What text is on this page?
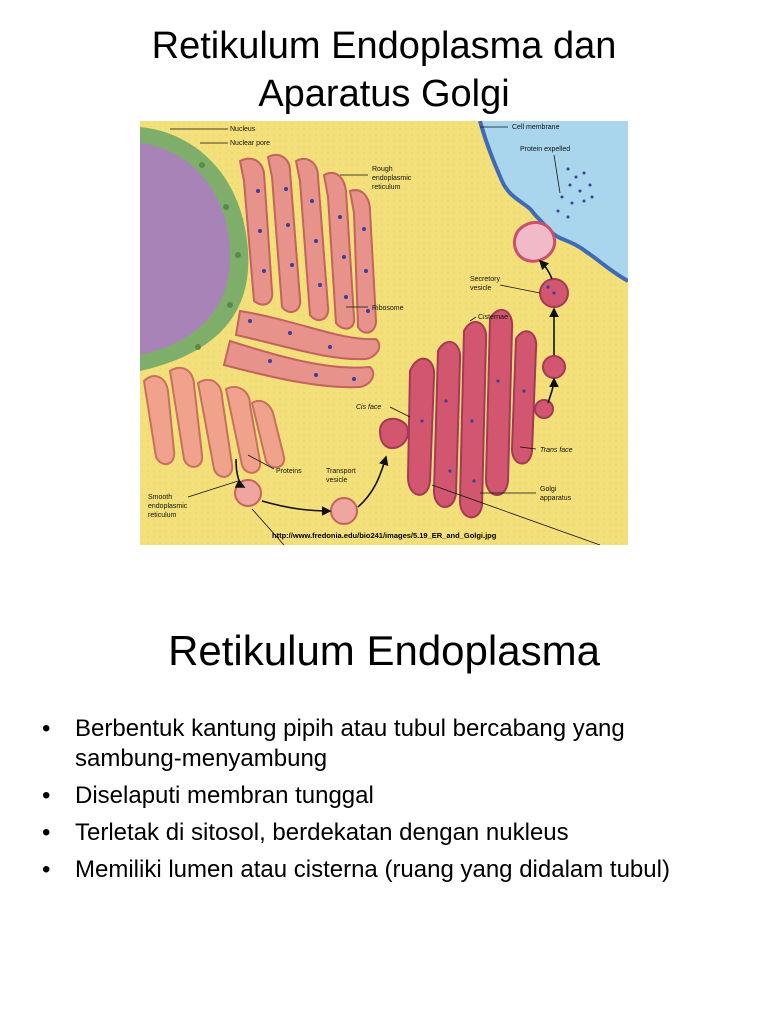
Retikulum Endoplasma dan
Aparatus Golgi
Nucleus
Nuclear pore
Rough
endoplasmic
reticulum
Ribosome
Proteins	Transport
vesicle
Smooth
endoplasmic
reticulum
Cell membrane
Protein expelled
Secretory
vesicle
Cisternae
Cis face
Trans face
Golgi
apparatus
http://www.fredonia.edu/bio241/images/5.19_ER_and_Golgi.jpg
Retikulum Endoplasma
• Berbentuk kantung pipih atau tubul bercabang yang sambung-menyambung
• Diselaputi membran tunggal
• Terletak di sitosol, berdekatan dengan nukleus
• Memiliki lumen atau cisterna (ruang yang didalam tubul)
